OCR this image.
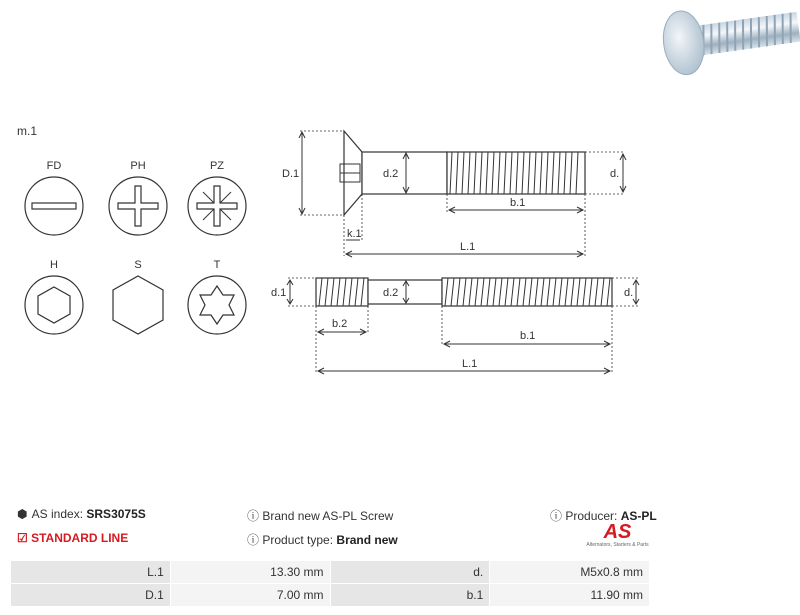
m.1
FD	PH	PZ
H	S	T
D.1	d.2	d.
b.1
k.1
L.1
d.1	d.2	d.
b.2
b.1
L.1
⬢ AS index: SRS3075S	ⓘ Brand new AS-PL Screw	ⓘ Producer: AS-PL
☑ STANDARD LINE	ⓘ Product type: Brand new	AS
Alternators, Starters & Parts
L.1	13.30 mm	d.	M5x0.8 mm
D.1	7.00 mm	b.1	11.90 mm
